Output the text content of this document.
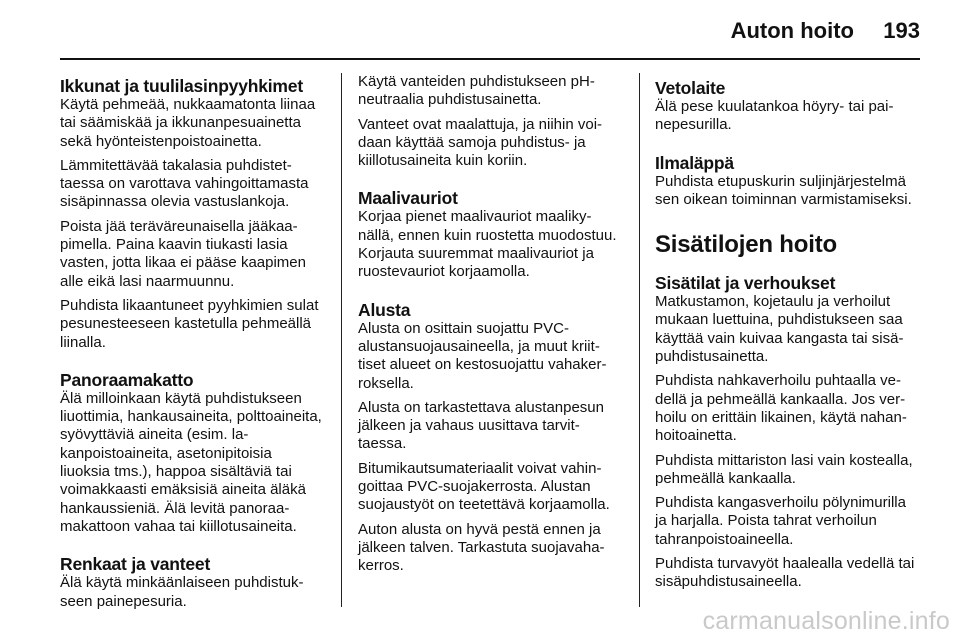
Auton hoito 193
Ikkunat ja tuulilasinpyyhkimet

Käytä pehmeää, nukkaamatonta liinaa tai säämiskää ja ikkunanpesuainetta sekä hyönteistenpoistoainetta.

Lämmitettävää takalasia puhdistettaessa on varottava vahingoittamasta sisäpinnassa olevia vastuslankoja.

Poista jää teräväreunaisella jääkaapimella. Paina kaavin tiukasti lasia vasten, jotta likaa ei pääse kaapimen alle eikä lasi naarmuunnu.

Puhdista likaantuneet pyyhkimien sulat pesunesteeseen kastetulla pehmeällä liinalla.

Panoraamakatto

Älä milloinkaan käytä puhdistukseen liuottimia, hankausaineita, polttoaineita, syövyttäviä aineita (esim. lakanpoistoaineita, asetonipitoisia liuoksia tms.), happoa sisältäviä tai voimakkaasti emäksisiä aineita äläkä hankaussieniä. Älä levitä panoraamakattoon vahaa tai kiillotusaineita.

Renkaat ja vanteet

Älä käytä minkäänlaiseen puhdistukseen painepesuria.

Käytä vanteiden puhdistukseen pH-neutraalia puhdistusainetta.

Vanteet ovat maalattuja, ja niihin voidaan käyttää samoja puhdistus- ja kiillotusaineita kuin koriin.

Maalivauriot

Korjaa pienet maalivauriot maalikynällä, ennen kuin ruostetta muodostuu. Korjauta suuremmat maalivauriot ja ruostevauriot korjaamolla.

Alusta

Alusta on osittain suojattu PVC-alustansuojausaineella, ja muut kriittiset alueet on kestosuojattu vahakerroksella.

Alusta on tarkastettava alustanpesun jälkeen ja vahaus uusittava tarvittaessa.

Bitumikautsumateriaalit voivat vahingoittaa PVC-suojakerrosta. Alustan suojaustyöt on teetettävä korjaamolla.

Auton alusta on hyvä pestä ennen ja jälkeen talven. Tarkastuta suojavahakerros.

Vetolaite

Älä pese kuulatankoa höyry- tai painepesurilla.

Ilmaläppä

Puhdista etupuskurin suljinjärjestelmä sen oikean toiminnan varmistamiseksi.

Sisätilojen hoito
Sisätilat ja verhoukset

Matkustamon, kojetaulu ja verhoilut mukaan luettuina, puhdistukseen saa käyttää vain kuivaa kangasta tai sisäpuhdistusainetta.

Puhdista nahkaverhoilu puhtaalla vedellä ja pehmeällä kankaalla. Jos verhoilu on erittäin likainen, käytä nahanhoitoainetta.

Puhdista mittariston lasi vain kostealla, pehmeällä kankaalla.

Puhdista kangasverhoilu pölynimurilla ja harjalla. Poista tahrat verhoilun tahranpoistoaineella.

Puhdista turvavyöt haalealla vedellä tai sisäpuhdistusaineella.

carmanualsonline.info
